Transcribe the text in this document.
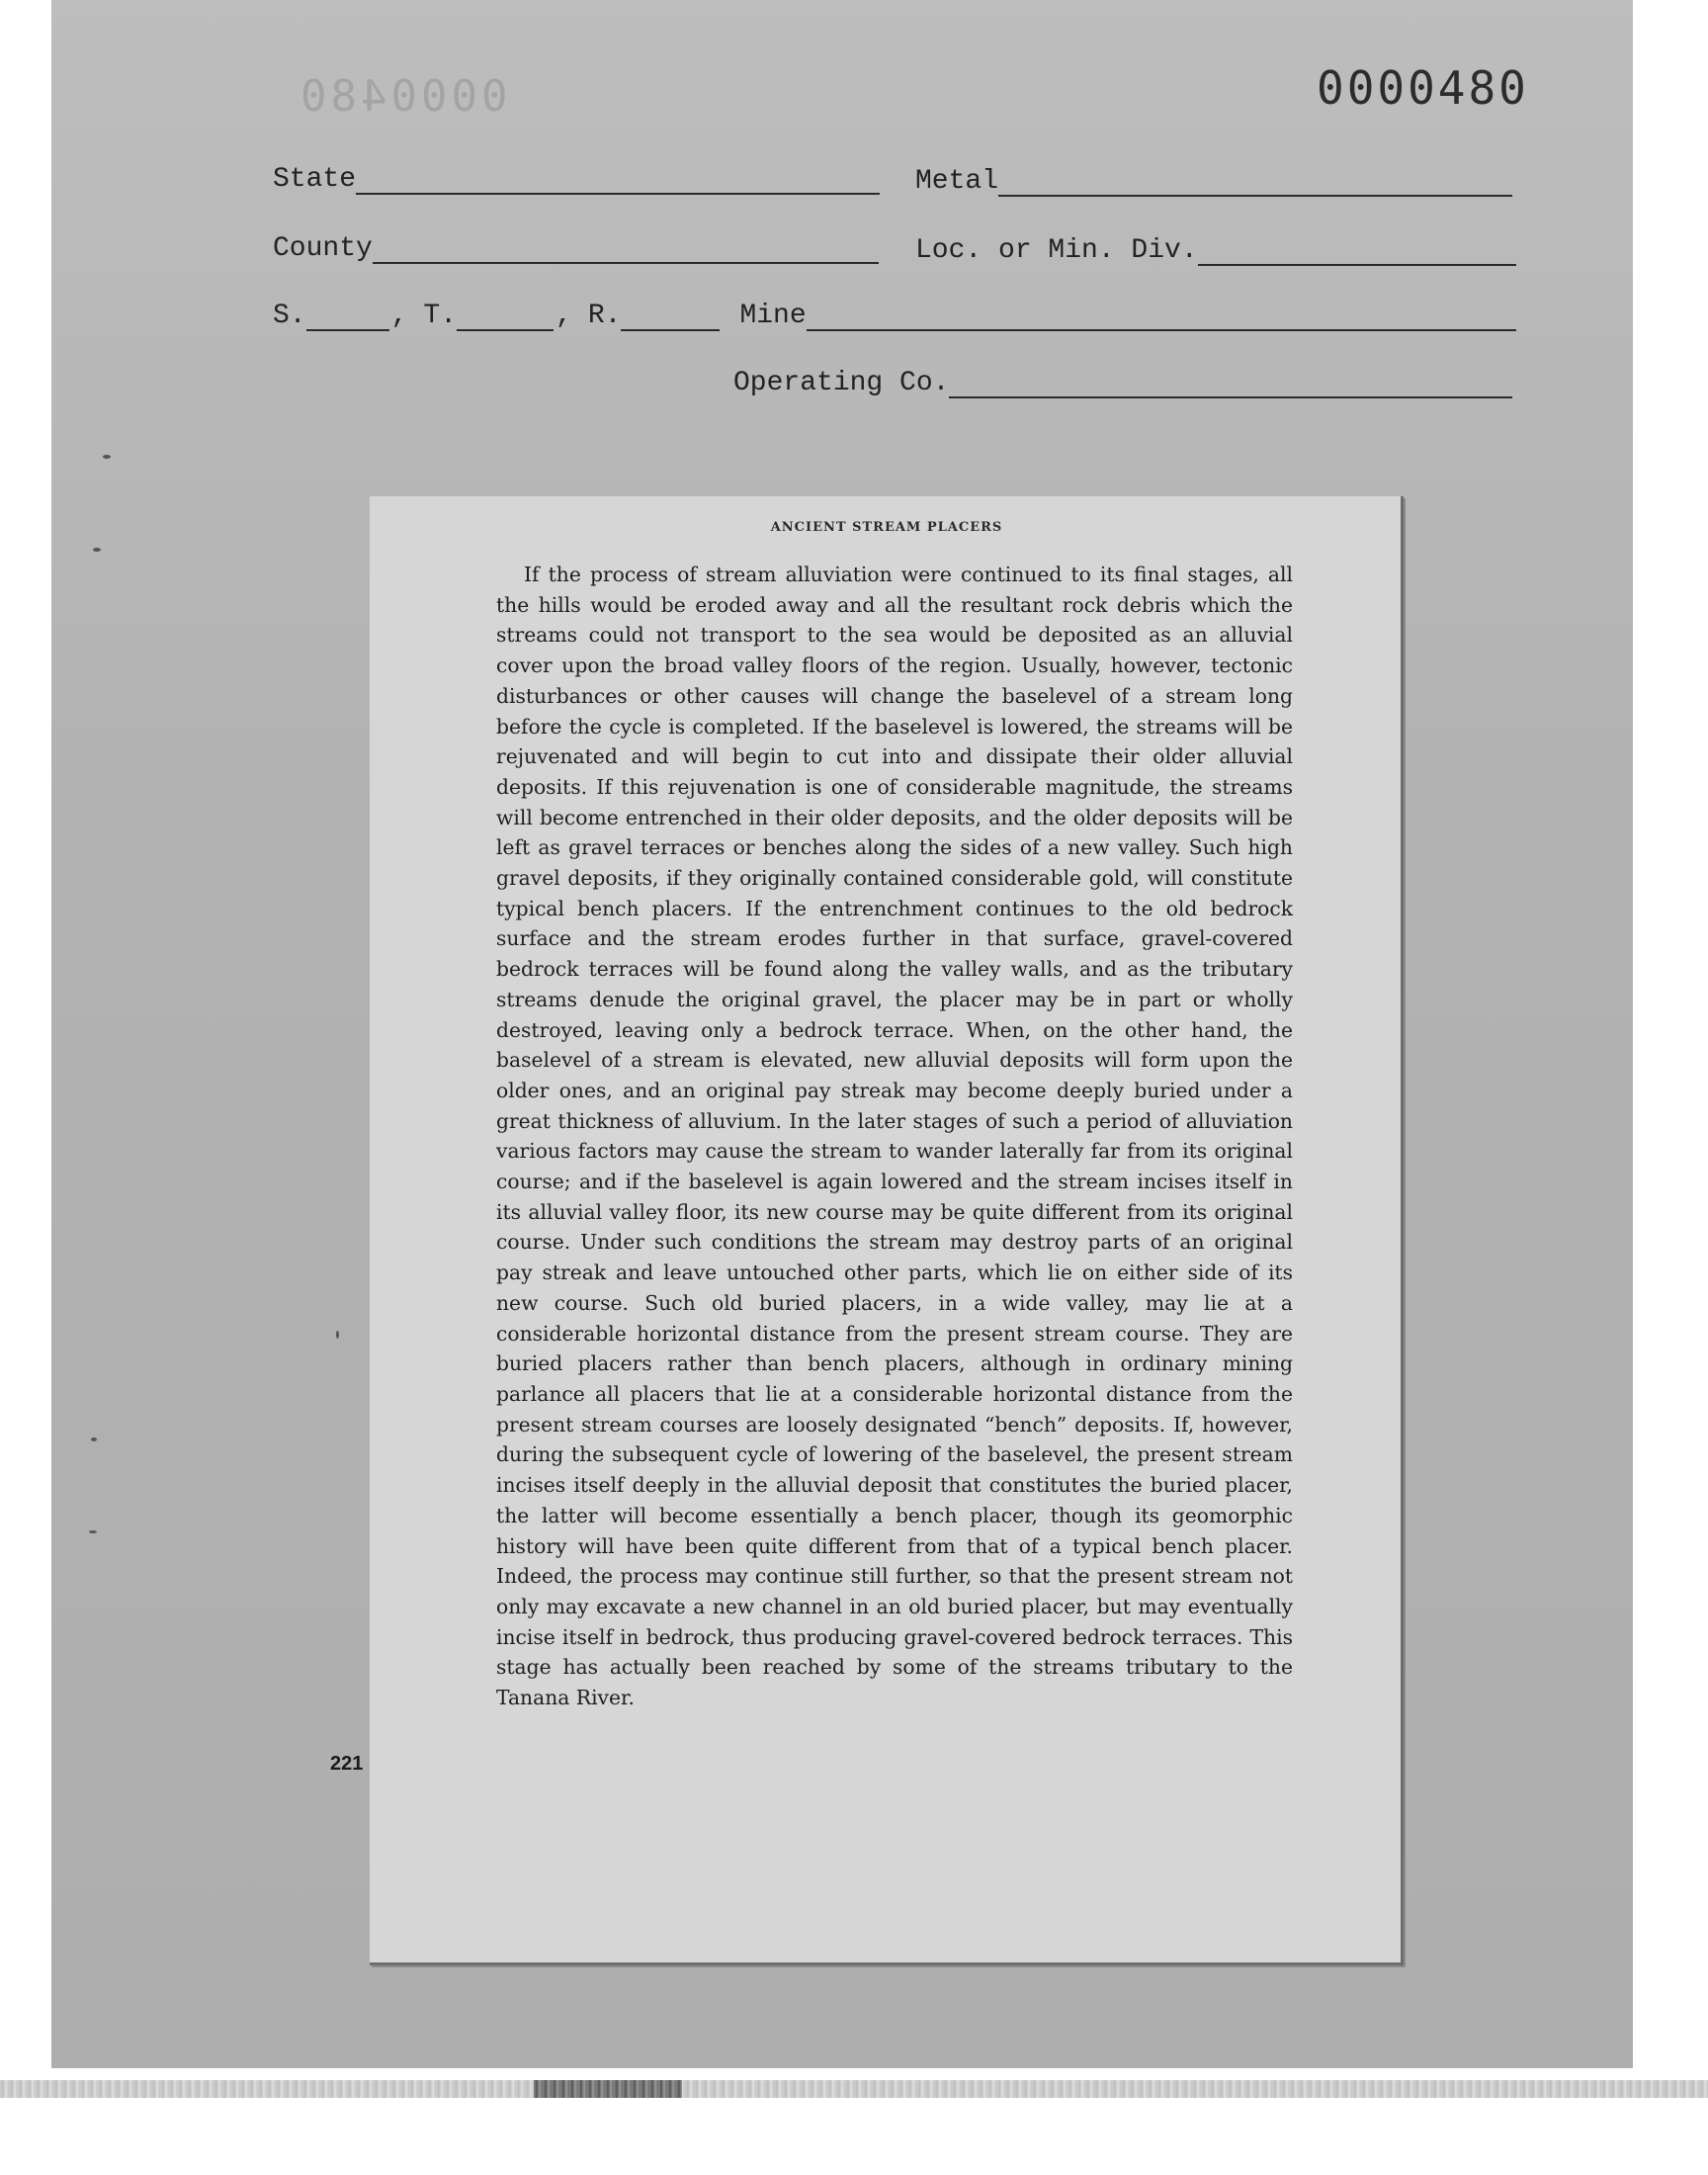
0000480	0000480
State	Metal
County	Loc. or Min. Div.
S.	, T.	, R.	Mine
Operating Co.
221
ANCIENT STREAM PLACERS

If the process of stream alluviation were continued to its final stages, all the hills would be eroded away and all the resultant rock debris which the streams could not transport to the sea would be deposited as an alluvial cover upon the broad valley floors of the region. Usually, however, tectonic disturbances or other causes will change the baselevel of a stream long before the cycle is completed. If the baselevel is lowered, the streams will be rejuvenated and will begin to cut into and dissipate their older alluvial deposits. If this rejuvenation is one of considerable magnitude, the streams will become entrenched in their older deposits, and the older deposits will be left as gravel terraces or benches along the sides of a new valley. Such high gravel deposits, if they originally contained considerable gold, will constitute typical bench placers. If the entrenchment continues to the old bedrock surface and the stream erodes further in that surface, gravel-covered bedrock terraces will be found along the valley walls, and as the tributary streams denude the original gravel, the placer may be in part or wholly destroyed, leaving only a bedrock terrace. When, on the other hand, the baselevel of a stream is elevated, new alluvial deposits will form upon the older ones, and an original pay streak may become deeply buried under a great thickness of alluvium. In the later stages of such a period of alluviation various factors may cause the stream to wander laterally far from its original course; and if the baselevel is again lowered and the stream incises itself in its alluvial valley floor, its new course may be quite different from its original course. Under such conditions the stream may destroy parts of an original pay streak and leave untouched other parts, which lie on either side of its new course. Such old buried placers, in a wide valley, may lie at a considerable horizontal distance from the present stream course. They are buried placers rather than bench placers, although in ordinary mining parlance all placers that lie at a considerable horizontal distance from the present stream courses are loosely designated “bench” deposits. If, however, during the subsequent cycle of lowering of the baselevel, the present stream incises itself deeply in the alluvial deposit that constitutes the buried placer, the latter will become essentially a bench placer, though its geomorphic history will have been quite different from that of a typical bench placer. Indeed, the process may continue still further, so that the present stream not only may excavate a new channel in an old buried placer, but may eventually incise itself in bedrock, thus producing gravel-covered bedrock terraces. This stage has actually been reached by some of the streams tributary to the Tanana River.
